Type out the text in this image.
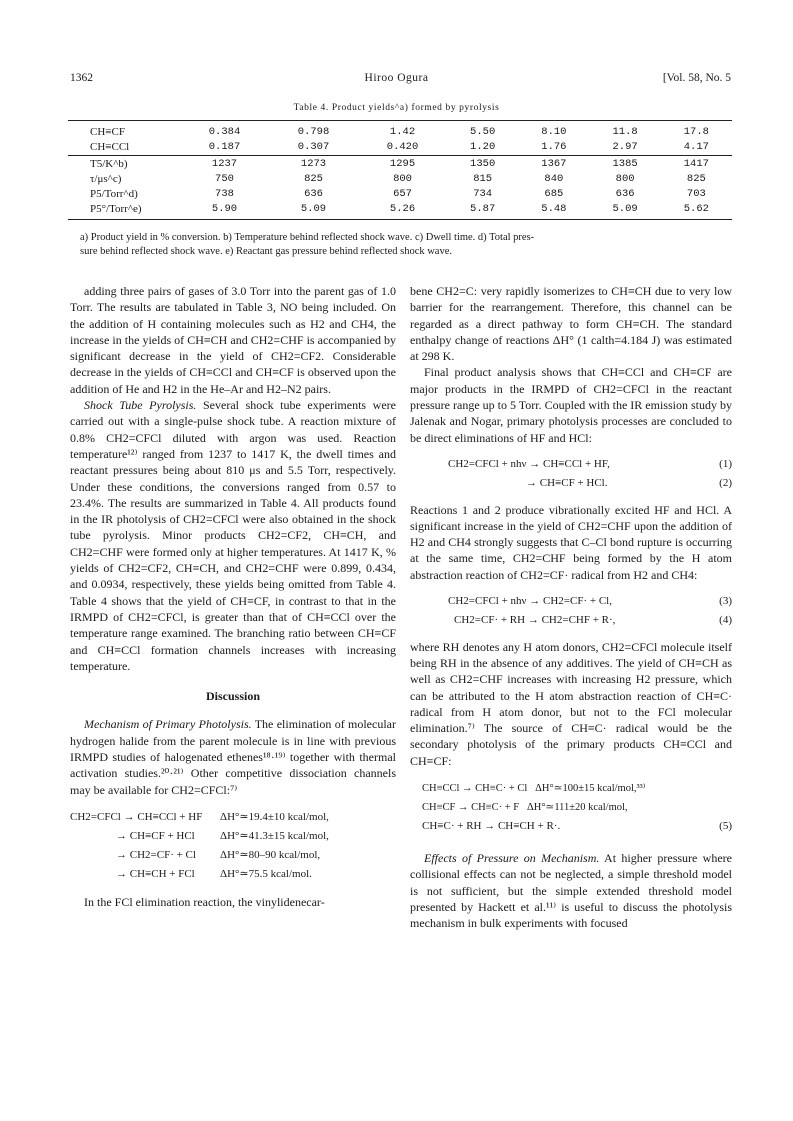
1362	Hiroo Ogura	[Vol. 58, No. 5
Table 4. Product yields^a) formed by pyrolysis
CH≡CF	0.384	0.798	1.42	5.50	8.10	11.8	17.8
CH≡CCl	0.187	0.307	0.420	1.20	1.76	2.97	4.17
T5/K^b)	1237	1273	1295	1350	1367	1385	1417
τ/μs^c)	750	825	800	815	840	800	825
P5/Torr^d)	738	636	657	734	685	636	703
P5°/Torr^e)	5.90	5.09	5.26	5.87	5.48	5.09	5.62
a) Product yield in % conversion. b) Temperature behind reflected shock wave. c) Dwell time. d) Total pres-
sure behind reflected shock wave. e) Reactant gas pressure behind reflected shock wave.

adding three pairs of gases of 3.0 Torr into the parent gas of 1.0 Torr. The results are tabulated in Table 3, NO being included. On the addition of H containing molecules such as H2 and CH4, the increase in the yields of CH≡CH and CH2=CHF is accompanied by significant decrease in the yield of CH2=CF2. Considerable decrease in the yields of CH≡CCl and CH≡CF is observed upon the addition of He and H2 in the He–Ar and H2–N2 pairs.

Shock Tube Pyrolysis. Several shock tube experiments were carried out with a single-pulse shock tube. A reaction mixture of 0.8% CH2=CFCl diluted with argon was used. Reaction temperature¹²⁾ ranged from 1237 to 1417 K, the dwell times and reactant pressures being about 810 μs and 5.5 Torr, respectively. Under these conditions, the conversions ranged from 0.57 to 23.4%. The results are summarized in Table 4. All products found in the IR photolysis of CH2=CFCl were also obtained in the shock tube pyrolysis. Minor products CH2=CF2, CH≡CH, and CH2=CHF were formed only at higher temperatures. At 1417 K, % yields of CH2=CF2, CH≡CH, and CH2=CHF were 0.899, 0.434, and 0.0934, respectively, these yields being omitted from Table 4. Table 4 shows that the yield of CH≡CF, in contrast to that in the IRMPD of CH2=CFCl, is greater than that of CH≡CCl over the temperature range examined. The branching ratio between CH≡CF and CH≡CCl formation channels increases with increasing temperature.

Discussion

Mechanism of Primary Photolysis. The elimination of molecular hydrogen halide from the parent molecule is in line with previous IRMPD studies of halogenated ethenes¹⁸·¹⁹⁾ together with thermal activation studies.²⁰·²¹⁾ Other competitive dissociation channels may be available for CH2=CFCl:⁷⁾

CH2=CFCl → CH≡CCl + HF	ΔH°≃19.4±10 kcal/mol,
→ CH≡CF + HCl	ΔH°≃41.3±15 kcal/mol,
→ CH2=CF· + Cl	ΔH°≃80–90 kcal/mol,
→ CH≡CH + FCl	ΔH°≃75.5 kcal/mol.

In the FCl elimination reaction, the vinylidenecar-

bene CH2=C: very rapidly isomerizes to CH≡CH due to very low barrier for the rearrangement. Therefore, this channel can be regarded as a direct pathway to form CH≡CH. The standard enthalpy change of reactions ΔH° (1 calth=4.184 J) was estimated at 298 K.

Final product analysis shows that CH≡CCl and CH≡CF are major products in the IRMPD of CH2=CFCl in the reactant pressure range up to 5 Torr. Coupled with the IR emission study by Jalenak and Nogar, primary photolysis processes are concluded to be direct eliminations of HF and HCl:

CH2=CFCl + nhν → CH≡CCl + HF,	(1)
→ CH≡CF + HCl.	(2)

Reactions 1 and 2 produce vibrationally excited HF and HCl. A significant increase in the yield of CH2=CHF upon the addition of H2 and CH4 strongly suggests that C–Cl bond rupture is occurring at the same time, CH2=CHF being formed by the H atom abstraction reaction of CH2=CF· radical from H2 and CH4:

CH2=CFCl + nhν → CH2=CF· + Cl,	(3)
CH2=CF· + RH → CH2=CHF + R·,	(4)

where RH denotes any H atom donors, CH2=CFCl molecule itself being RH in the absence of any additives. The yield of CH≡CH as well as CH2=CHF increases with increasing H2 pressure, which can be attributed to the H atom abstraction reaction of CH≡C· radical from H atom donor, but not to the FCl molecular elimination.⁷⁾ The source of CH≡C· radical would be the secondary photolysis of the primary products CH≡CCl and CH≡CF:

CH≡CCl → CH≡C· + Cl   ΔH°≃100±15 kcal/mol,³³⁾
CH≡CF → CH≡C· + F   ΔH°≃111±20 kcal/mol,
CH≡C· + RH → CH≡CH + R·.	(5)

Effects of Pressure on Mechanism. At higher pressure where collisional effects can not be neglected, a simple threshold model is not sufficient, but the simple extended threshold model presented by Hackett et al.¹¹⁾ is useful to discuss the photolysis mechanism in bulk experiments with focused
